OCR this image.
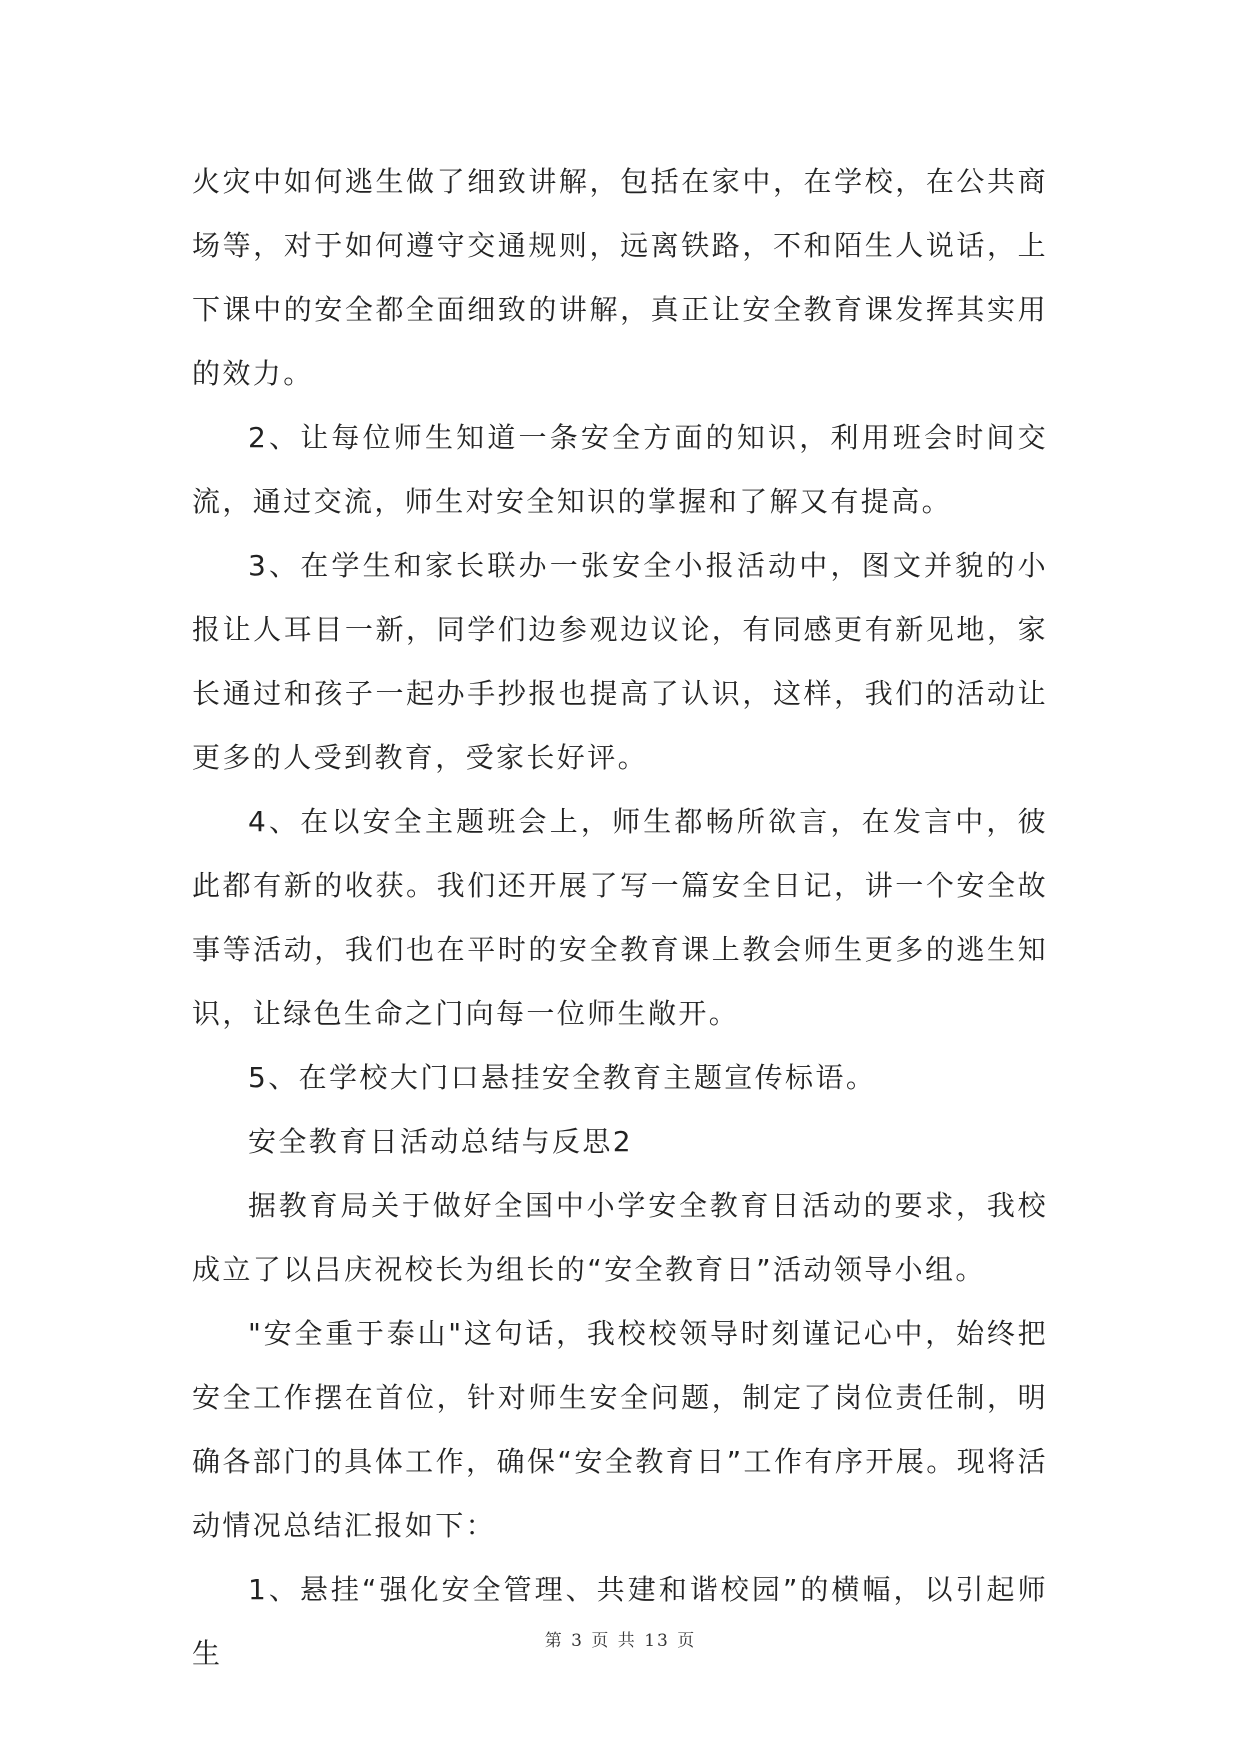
火灾中如何逃生做了细致讲解，包括在家中，在学校，在公共商场等，对于如何遵守交通规则，远离铁路，不和陌生人说话，上下课中的安全都全面细致的讲解，真正让安全教育课发挥其实用的效力。

2、让每位师生知道一条安全方面的知识，利用班会时间交流，通过交流，师生对安全知识的掌握和了解又有提高。

3、在学生和家长联办一张安全小报活动中，图文并貌的小报让人耳目一新，同学们边参观边议论，有同感更有新见地，家长通过和孩子一起办手抄报也提高了认识，这样，我们的活动让更多的人受到教育，受家长好评。

4、在以安全主题班会上，师生都畅所欲言，在发言中，彼此都有新的收获。我们还开展了写一篇安全日记，讲一个安全故事等活动，我们也在平时的安全教育课上教会师生更多的逃生知识，让绿色生命之门向每一位师生敞开。

5、在学校大门口悬挂安全教育主题宣传标语。

安全教育日活动总结与反思2

据教育局关于做好全国中小学安全教育日活动的要求，我校成立了以吕庆祝校长为组长的“安全教育日”活动领导小组。

"安全重于泰山"这句话，我校校领导时刻谨记心中，始终把安全工作摆在首位，针对师生安全问题，制定了岗位责任制，明确各部门的具体工作，确保“安全教育日”工作有序开展。现将活动情况总结汇报如下：

1、悬挂“强化安全管理、共建和谐校园”的横幅，以引起师生	第 3 页 共 13 页
